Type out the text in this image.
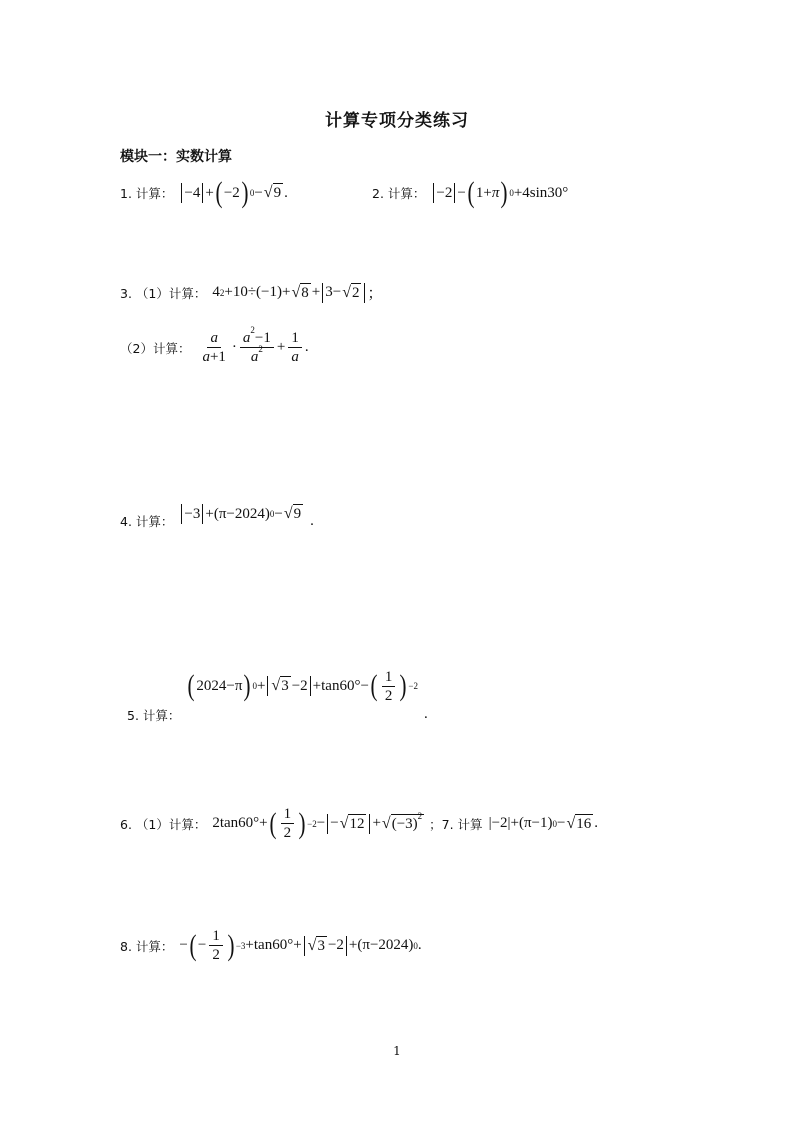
计算专项分类练习
模块一：实数计算
1. 计算： −4 + ( −2 ) 0 − √ 9 .	2. 计算： −2 − ( 1+ π ) 0 +4sin30°
3. （1）计算： 4 2 +10÷(−1)+ √ 8 + 3− √ 2 ；
（2）计算： $\frac{a}{a+1} \cdot \frac{a^2-1}{a^2} + \frac{1}{a}$ .
4. 计算： −3 +(π−2024) 0 − √ 9 .
5. 计算：
( 2024−π ) 0 + √ 3 −2 +tan60°− ( $\frac{1}{2}$ ) −2
.
6. （1）计算： 2tan60°+ ( $\frac{1}{2}$ ) −2 − − √ 12 + √ $(-3)^2$
；7. 计算 |−2|+(π−1) 0 − √ 16 .
8. 计算： − ( − $\frac{1}{2}$ ) −3 +tan60°+ √ 3 −2 +(π−2024) 0 .
1
